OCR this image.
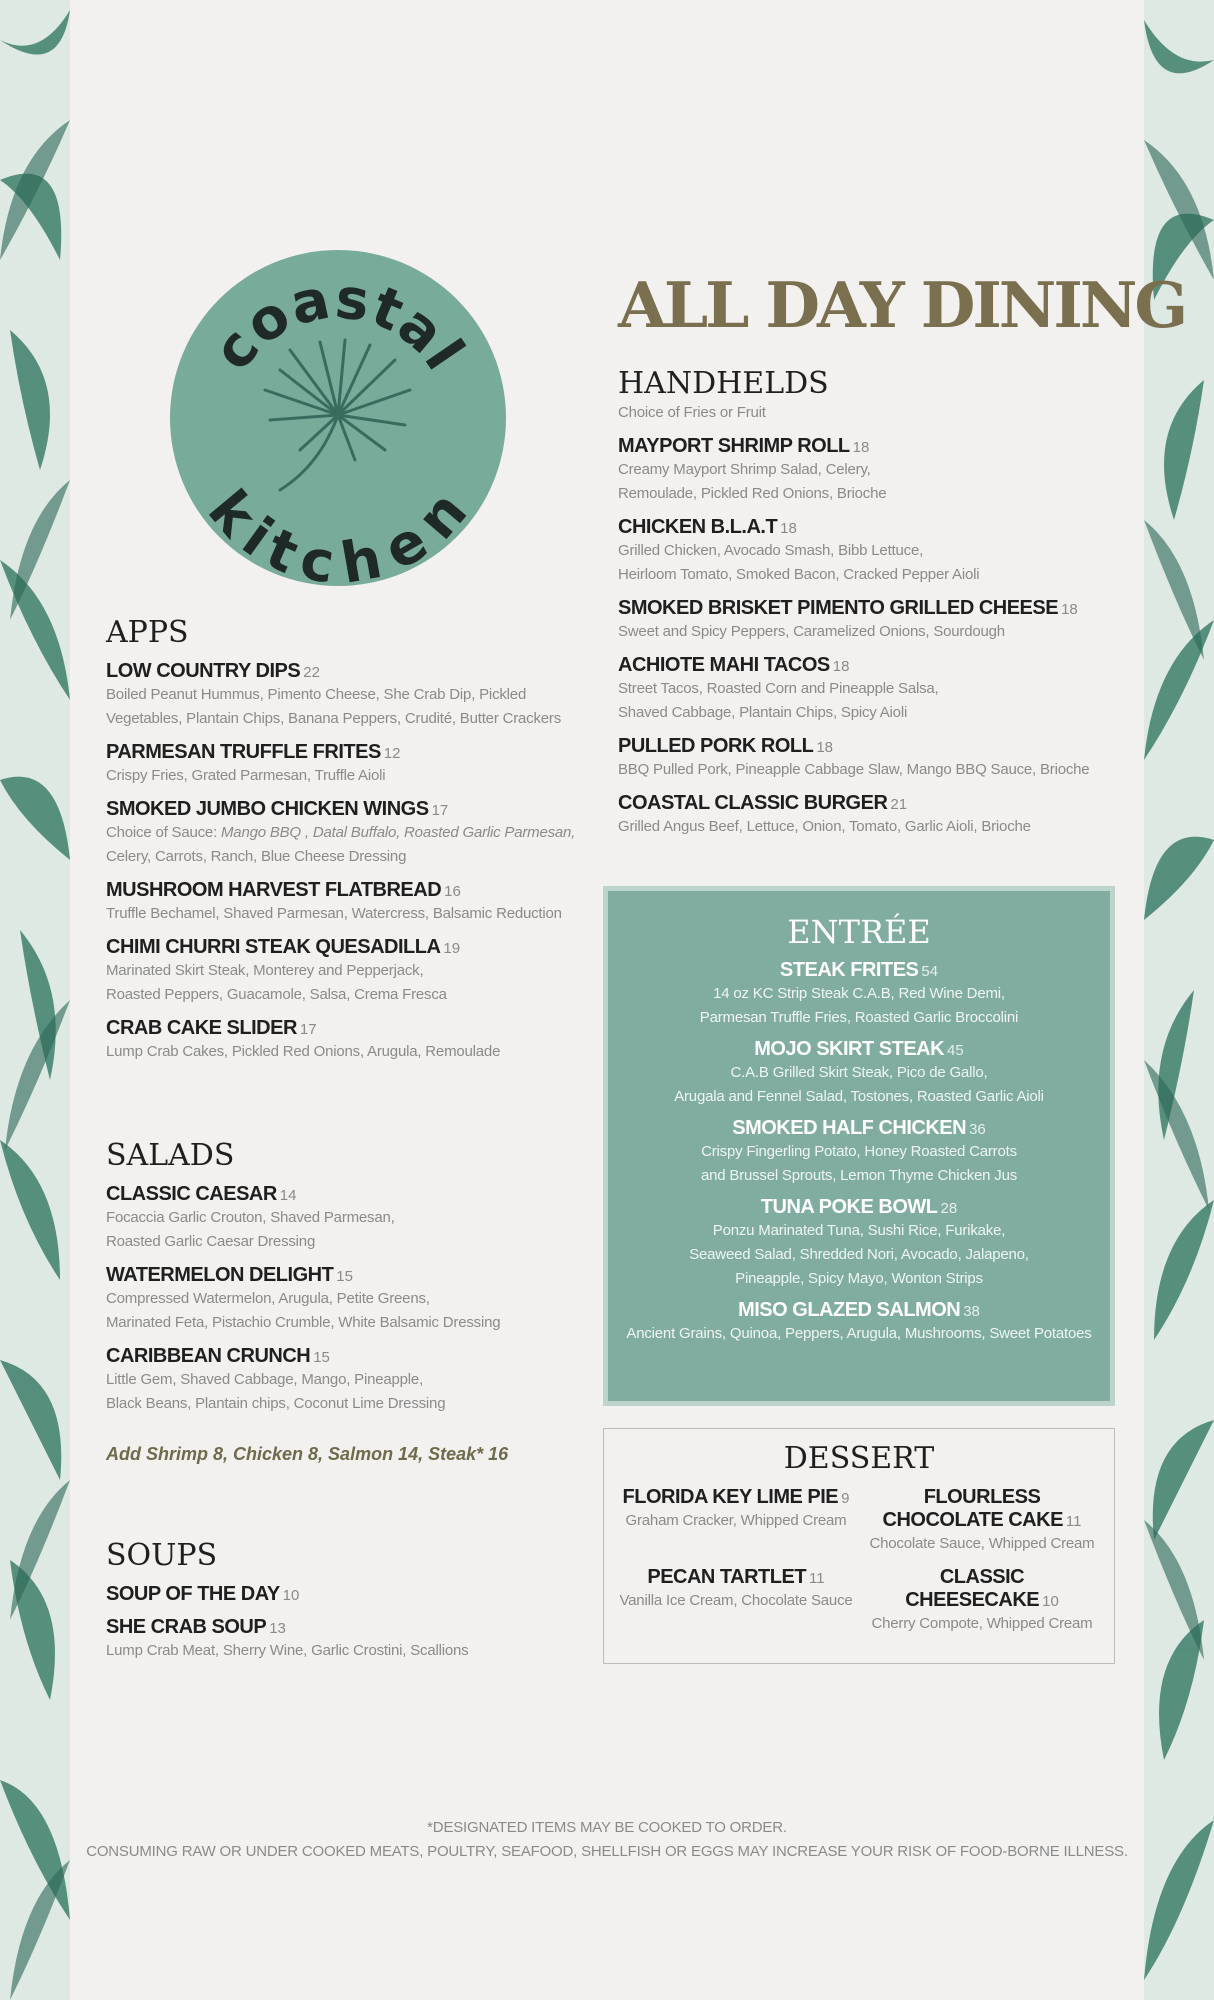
coastal
kitchen
ALL DAY DINING
APPS
LOW COUNTRY DIPS 22
Boiled Peanut Hummus, Pimento Cheese, She Crab Dip, Pickled
Vegetables, Plantain Chips, Banana Peppers, Crudité, Butter Crackers
PARMESAN TRUFFLE FRITES 12
Crispy Fries, Grated Parmesan, Truffle Aioli
SMOKED JUMBO CHICKEN WINGS 17
Choice of Sauce: Mango BBQ , Datal Buffalo, Roasted Garlic Parmesan,
Celery, Carrots, Ranch, Blue Cheese Dressing
MUSHROOM HARVEST FLATBREAD 16
Truffle Bechamel, Shaved Parmesan, Watercress, Balsamic Reduction
CHIMI CHURRI STEAK QUESADILLA 19
Marinated Skirt Steak, Monterey and Pepperjack,
Roasted Peppers, Guacamole, Salsa, Crema Fresca
CRAB CAKE SLIDER 17
Lump Crab Cakes, Pickled Red Onions, Arugula, Remoulade
SALADS
CLASSIC CAESAR 14
Focaccia Garlic Crouton, Shaved Parmesan,
Roasted Garlic Caesar Dressing
WATERMELON DELIGHT 15
Compressed Watermelon, Arugula, Petite Greens,
Marinated Feta, Pistachio Crumble, White Balsamic Dressing
CARIBBEAN CRUNCH 15
Little Gem, Shaved Cabbage, Mango, Pineapple,
Black Beans, Plantain chips, Coconut Lime Dressing
Add Shrimp 8, Chicken 8, Salmon 14, Steak* 16
SOUPS
SOUP OF THE DAY 10
SHE CRAB SOUP 13
Lump Crab Meat, Sherry Wine, Garlic Crostini, Scallions
HANDHELDS
Choice of Fries or Fruit
MAYPORT SHRIMP ROLL 18
Creamy Mayport Shrimp Salad, Celery,
Remoulade, Pickled Red Onions, Brioche
CHICKEN B.L.A.T 18
Grilled Chicken, Avocado Smash, Bibb Lettuce,
Heirloom Tomato, Smoked Bacon, Cracked Pepper Aioli
SMOKED BRISKET PIMENTO GRILLED CHEESE 18
Sweet and Spicy Peppers, Caramelized Onions, Sourdough
ACHIOTE MAHI TACOS 18
Street Tacos, Roasted Corn and Pineapple Salsa,
Shaved Cabbage, Plantain Chips, Spicy Aioli
PULLED PORK ROLL 18
BBQ Pulled Pork, Pineapple Cabbage Slaw, Mango BBQ Sauce, Brioche
COASTAL CLASSIC BURGER 21
Grilled Angus Beef, Lettuce, Onion, Tomato, Garlic Aioli, Brioche
ENTRÉE
STEAK FRITES 54
14 oz KC Strip Steak C.A.B, Red Wine Demi,
Parmesan Truffle Fries, Roasted Garlic Broccolini
MOJO SKIRT STEAK 45
C.A.B Grilled Skirt Steak, Pico de Gallo,
Arugala and Fennel Salad, Tostones, Roasted Garlic Aioli
SMOKED HALF CHICKEN 36
Crispy Fingerling Potato, Honey Roasted Carrots
and Brussel Sprouts, Lemon Thyme Chicken Jus
TUNA POKE BOWL 28
Ponzu Marinated Tuna, Sushi Rice, Furikake,
Seaweed Salad, Shredded Nori, Avocado, Jalapeno,
Pineapple, Spicy Mayo, Wonton Strips
MISO GLAZED SALMON 38
Ancient Grains, Quinoa, Peppers, Arugula, Mushrooms, Sweet Potatoes
DESSERT
FLORIDA KEY LIME PIE 9
Graham Cracker, Whipped Cream
FLOURLESS CHOCOLATE CAKE 11
Chocolate Sauce, Whipped Cream
PECAN TARTLET 11
Vanilla Ice Cream, Chocolate Sauce
CLASSIC CHEESECAKE 10
Cherry Compote, Whipped Cream
*DESIGNATED ITEMS MAY BE COOKED TO ORDER.
CONSUMING RAW OR UNDER COOKED MEATS, POULTRY, SEAFOOD, SHELLFISH OR EGGS MAY INCREASE YOUR RISK OF FOOD-BORNE ILLNESS.
